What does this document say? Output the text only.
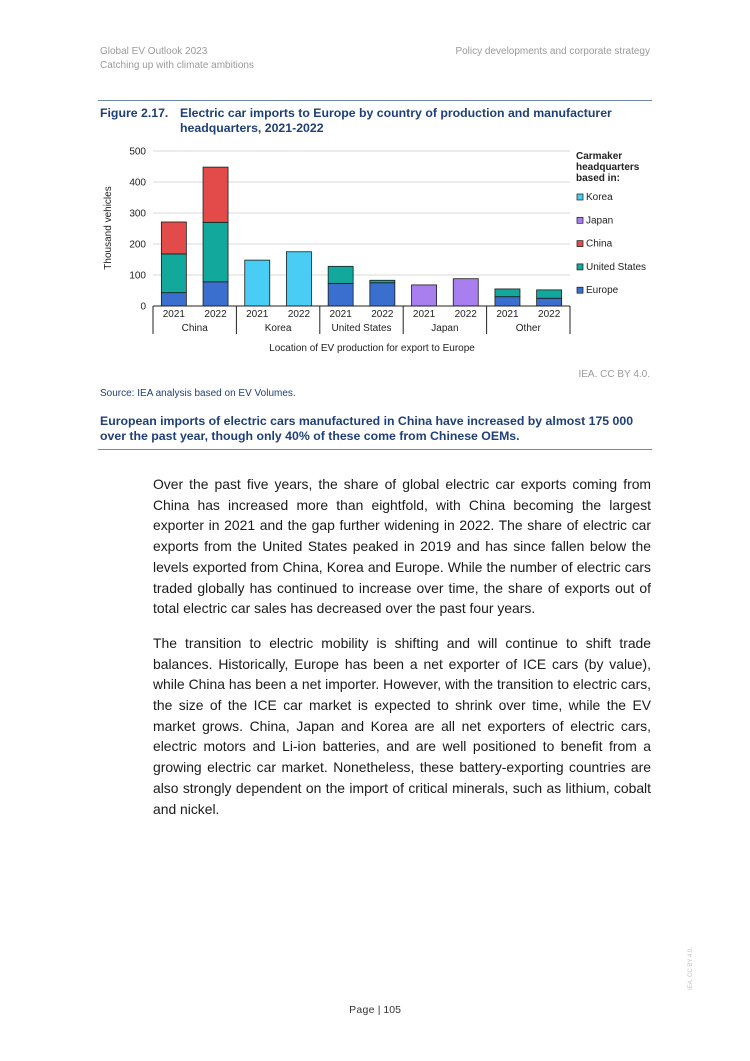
Global EV Outlook 2023
Catching up with climate ambitions
Policy developments and corporate strategy
Figure 2.17. Electric car imports to Europe by country of production and manufacturer headquarters, 2021-2022
0
100
200
300
400
500
Thousand vehicles
2021 2022 2021 2022 2021 2022 2021 2022 2021 2022
China	Korea	United States	Japan	Other
Location of EV production for export to Europe
Carmaker headquarters based in:
Korea
Japan
China
United States
Europe
IEA. CC BY 4.0.
Source: IEA analysis based on EV Volumes.
European imports of electric cars manufactured in China have increased by almost 175 000 over the past year, though only 40% of these come from Chinese OEMs.

Over the past five years, the share of global electric car exports coming from China has increased more than eightfold, with China becoming the largest exporter in 2021 and the gap further widening in 2022. The share of electric car exports from the United States peaked in 2019 and has since fallen below the levels exported from China, Korea and Europe. While the number of electric cars traded globally has continued to increase over time, the share of exports out of total electric car sales has decreased over the past four years.

The transition to electric mobility is shifting and will continue to shift trade balances. Historically, Europe has been a net exporter of ICE cars (by value), while China has been a net importer. However, with the transition to electric cars, the size of the ICE car market is expected to shrink over time, while the EV market grows. China, Japan and Korea are all net exporters of electric cars, electric motors and Li-ion batteries, and are well positioned to benefit from a growing electric car market. Nonetheless, these battery-exporting countries are also strongly dependent on the import of critical minerals, such as lithium, cobalt and nickel.

Page | 105
IEA. CC BY 4.0.
